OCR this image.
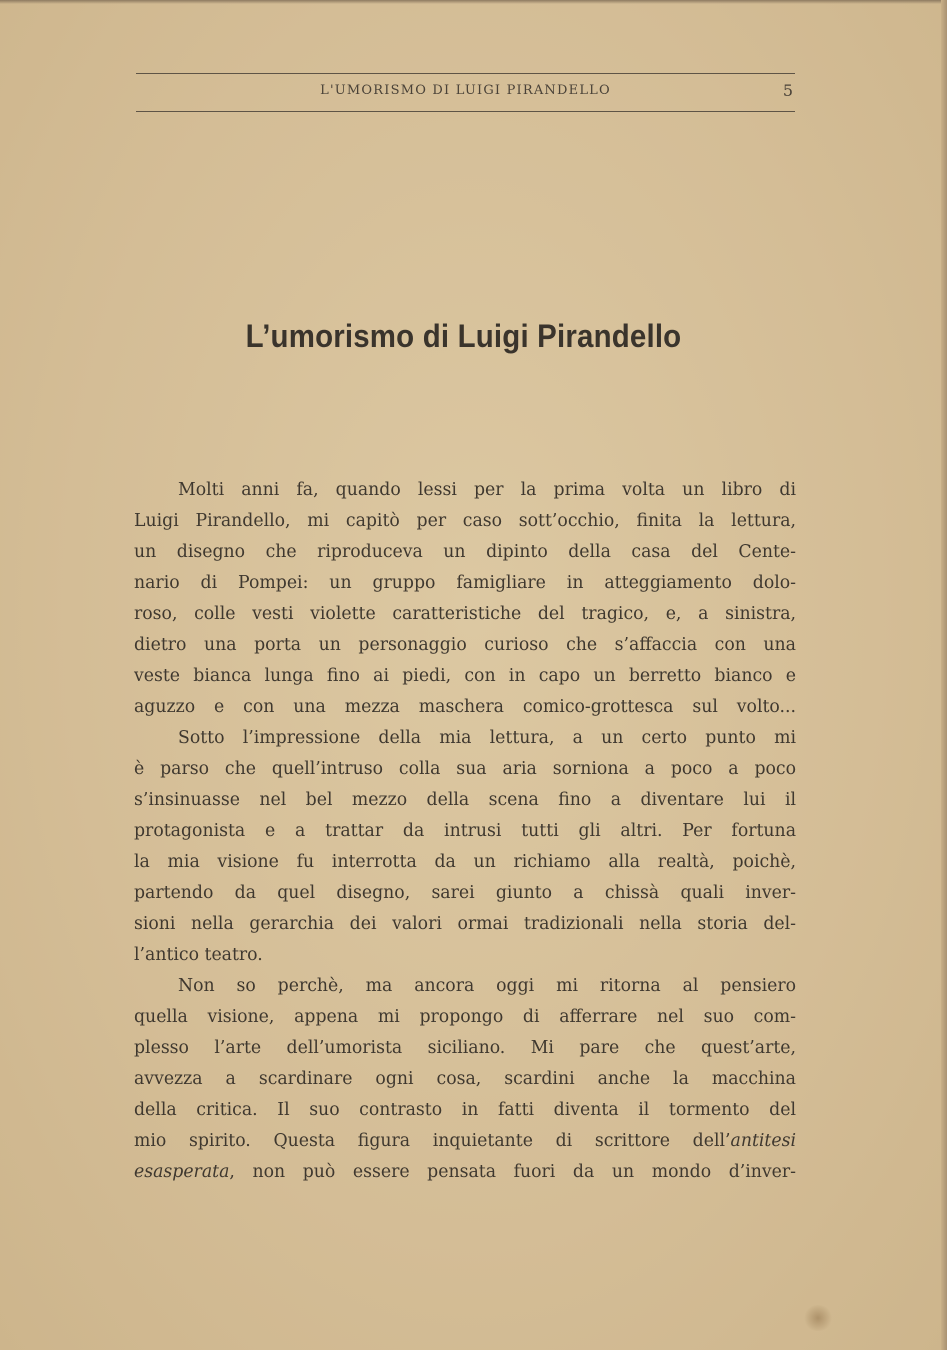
L'UMORISMO DI LUIGI PIRANDELLO	5
L’umorismo di Luigi Pirandello
Molti anni fa, quando lessi per la prima volta un libro di
Luigi Pirandello, mi capitò per caso sott’occhio, finita la lettura,
un disegno che riproduceva un dipinto della casa del Cente-
nario di Pompei: un gruppo famigliare in atteggiamento dolo-
roso, colle vesti violette caratteristiche del tragico, e, a sinistra,
dietro una porta un personaggio curioso che s’affaccia con una
veste bianca lunga fino ai piedi, con in capo un berretto bianco e
aguzzo e con una mezza maschera comico-grottesca sul volto...
Sotto l’impressione della mia lettura, a un certo punto mi
è parso che quell’intruso colla sua aria sorniona a poco a poco
s’insinuasse nel bel mezzo della scena fino a diventare lui il
protagonista e a trattar da intrusi tutti gli altri. Per fortuna
la mia visione fu interrotta da un richiamo alla realtà, poichè,
partendo da quel disegno, sarei giunto a chissà quali inver-
sioni nella gerarchia dei valori ormai tradizionali nella storia del-
l’antico teatro.
Non so perchè, ma ancora oggi mi ritorna al pensiero
quella visione, appena mi propongo di afferrare nel suo com-
plesso l’arte dell’umorista siciliano. Mi pare che quest’arte,
avvezza a scardinare ogni cosa, scardini anche la macchina
della critica. Il suo contrasto in fatti diventa il tormento del
mio spirito. Questa figura inquietante di scrittore dell’antitesi
esasperata, non può essere pensata fuori da un mondo d’inver-
